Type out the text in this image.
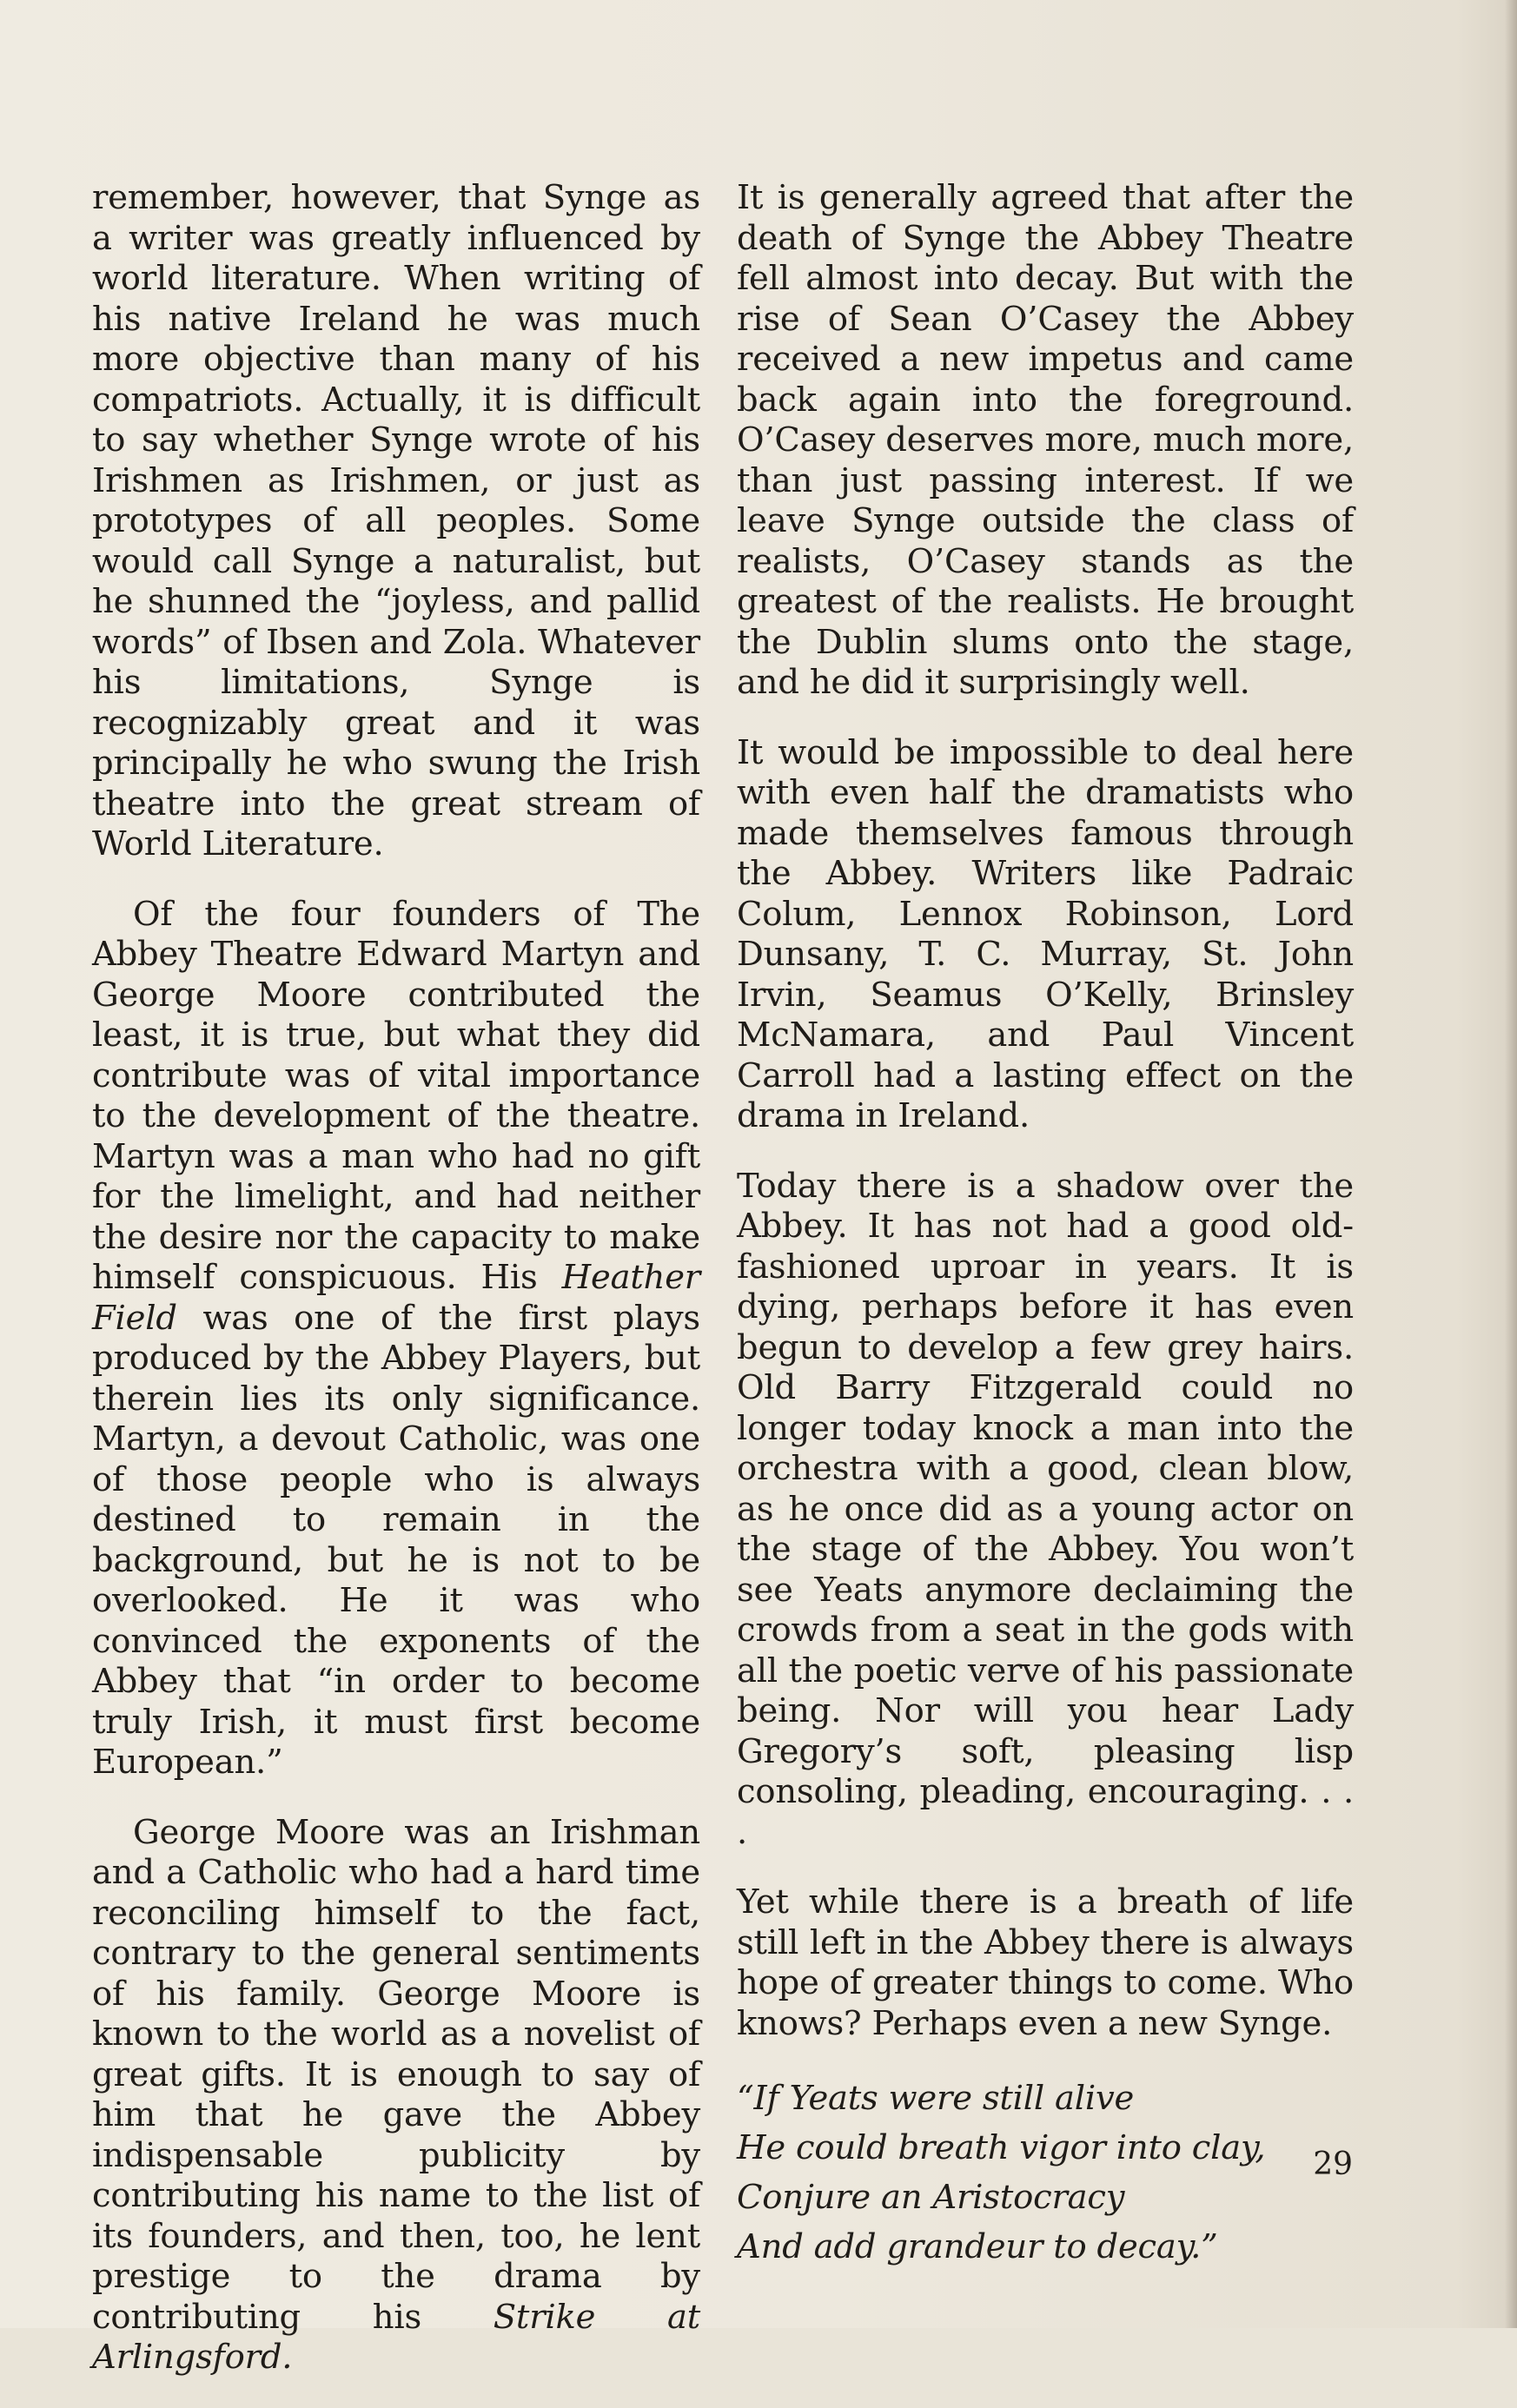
remember, however, that Synge as a writer was greatly influenced by world literature. When writing of his native Ireland he was much more objective than many of his compatriots. Actually, it is difficult to say whether Synge wrote of his Irishmen as Irishmen, or just as prototypes of all peoples. Some would call Synge a naturalist, but he shunned the “joyless, and pallid words” of Ibsen and Zola. Whatever his limitations, Synge is recognizably great and it was principally he who swung the Irish theatre into the great stream of World Literature.

Of the four founders of The Abbey Theatre Edward Martyn and George Moore contributed the least, it is true, but what they did contribute was of vital importance to the development of the theatre. Martyn was a man who had no gift for the limelight, and had neither the desire nor the capacity to make himself conspicuous. His Heather Field was one of the first plays produced by the Abbey Players, but therein lies its only significance. Martyn, a devout Catholic, was one of those people who is always destined to remain in the background, but he is not to be overlooked. He it was who convinced the exponents of the Abbey that “in order to become truly Irish, it must first become European.”

George Moore was an Irishman and a Catholic who had a hard time reconciling himself to the fact, contrary to the general sentiments of his family. George Moore is known to the world as a novelist of great gifts. It is enough to say of him that he gave the Abbey indispensable publicity by contributing his name to the list of its founders, and then, too, he lent prestige to the drama by contributing his Strike at Arlingsford.

It is generally agreed that after the death of Synge the Abbey Theatre fell almost into decay. But with the rise of Sean O’Casey the Abbey received a new impetus and came back again into the foreground. O’Casey deserves more, much more, than just passing interest. If we leave Synge outside the class of realists, O’Casey stands as the greatest of the realists. He brought the Dublin slums onto the stage, and he did it surprisingly well.

It would be impossible to deal here with even half the dramatists who made themselves famous through the Abbey. Writers like Padraic Colum, Lennox Robinson, Lord Dunsany, T. C. Murray, St. John Irvin, Seamus O’Kelly, Brinsley McNamara, and Paul Vincent Carroll had a lasting effect on the drama in Ireland.

Today there is a shadow over the Abbey. It has not had a good old-fashioned uproar in years. It is dying, perhaps before it has even begun to develop a few grey hairs. Old Barry Fitzgerald could no longer today knock a man into the orchestra with a good, clean blow, as he once did as a young actor on the stage of the Abbey. You won’t see Yeats anymore declaiming the crowds from a seat in the gods with all the poetic verve of his passionate being. Nor will you hear Lady Gregory’s soft, pleasing lisp consoling, pleading, encouraging. . . .

Yet while there is a breath of life still left in the Abbey there is always hope of greater things to come. Who knows? Perhaps even a new Synge.

“If Yeats were still alive
He could breath vigor into clay,
Conjure an Aristocracy
And add grandeur to decay.”
29
